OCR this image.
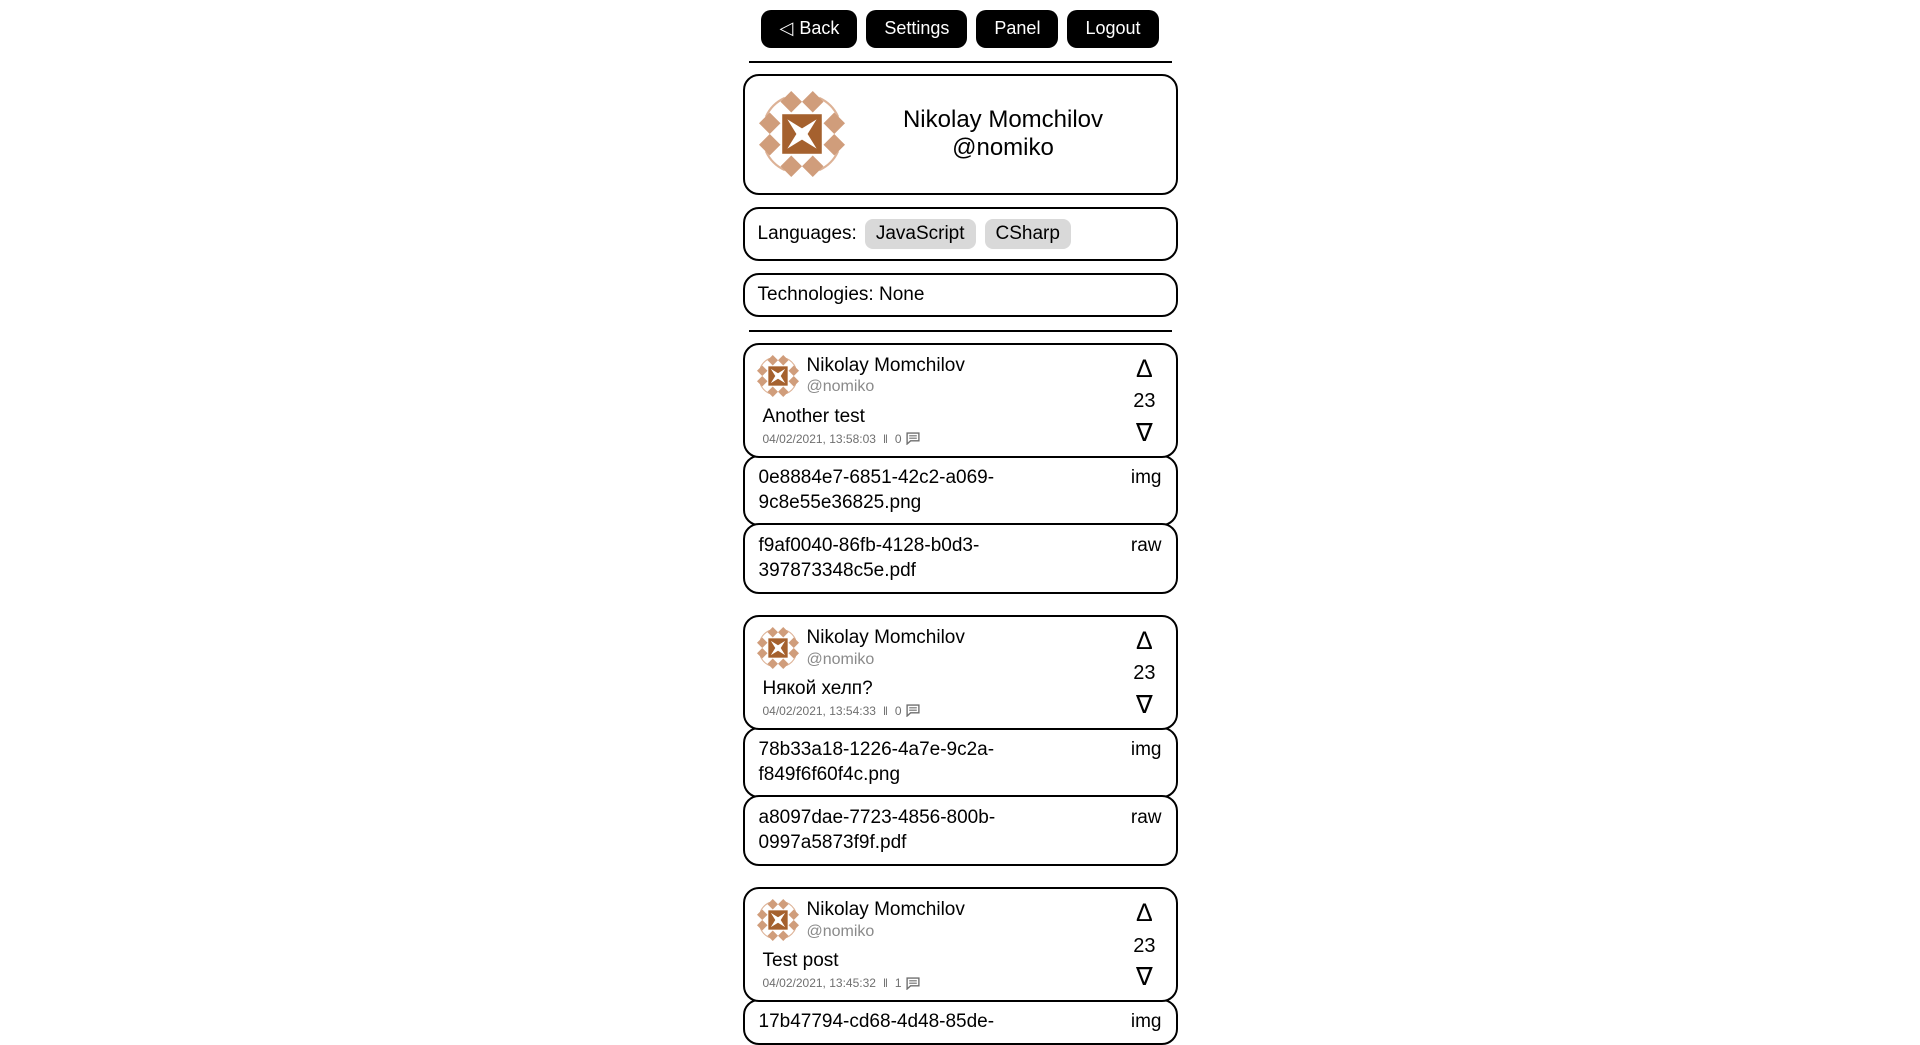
◁ Back	Settings	Panel	Logout
Nikolay Momchilov
@nomiko
Languages:	JavaScript	CSharp
Technologies: None
Nikolay Momchilov
@nomiko
Another test
04/02/2021, 13:58:03 ‖ 0
Δ
23
∇
0e8884e7-6851-42c2-a069-9c8e55e36825.png
img
f9af0040-86fb-4128-b0d3-397873348c5e.pdf
raw
Nikolay Momchilov
@nomiko
Някой хелп?
04/02/2021, 13:54:33 ‖ 0
Δ
23
∇
78b33a18-1226-4a7e-9c2a-f849f6f60f4c.png
img
a8097dae-7723-4856-800b-0997a5873f9f.pdf
raw
Nikolay Momchilov
@nomiko
Test post
04/02/2021, 13:45:32 ‖ 1
Δ
23
∇
17b47794-cd68-4d48-85de-	img
